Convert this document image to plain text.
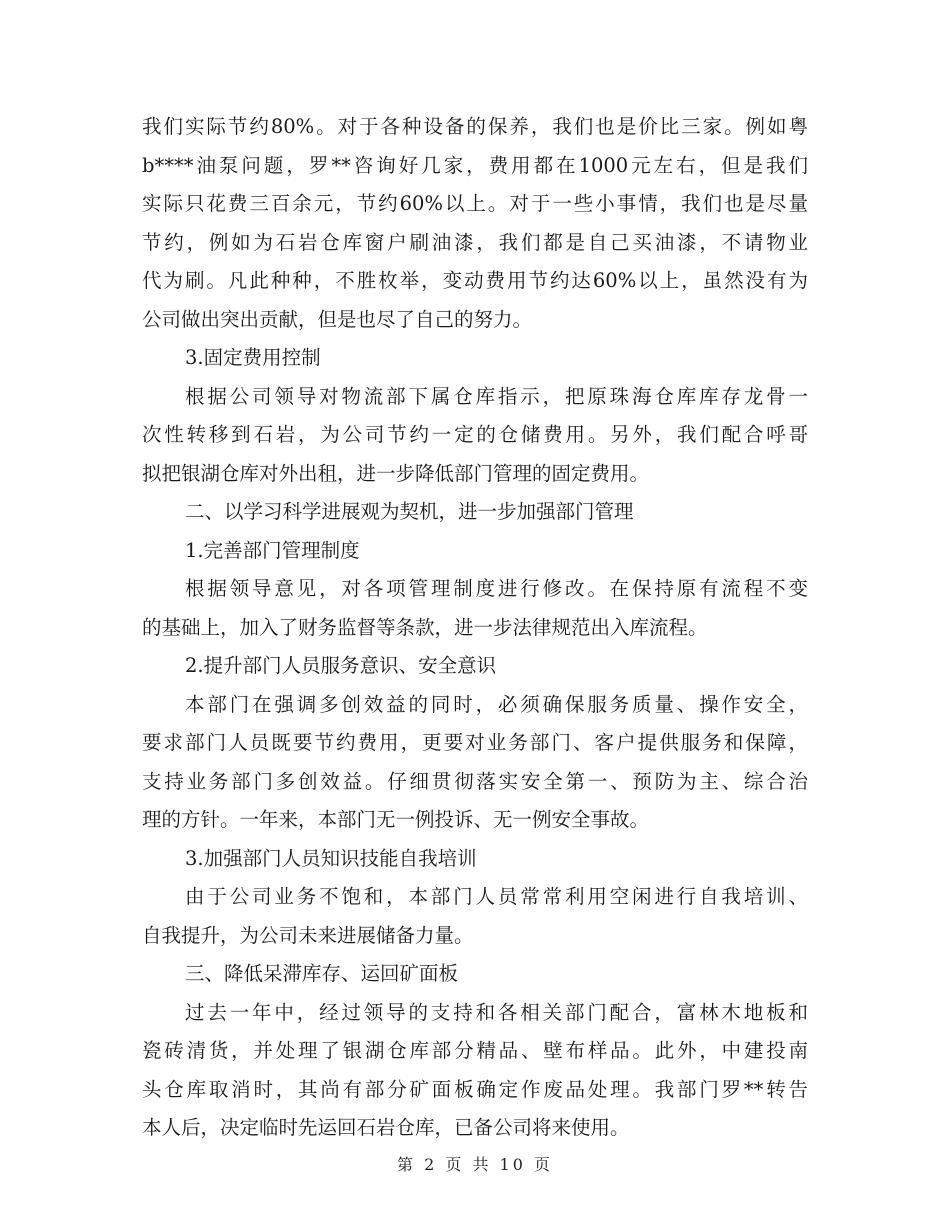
我们实际节约80%。对于各种设备的保养，我们也是价比三家。例如粤
b****油泵问题，罗**咨询好几家，费用都在1000元左右，但是我们
实际只花费三百余元，节约60%以上。对于一些小事情，我们也是尽量
节约，例如为石岩仓库窗户刷油漆，我们都是自己买油漆，不请物业
代为刷。凡此种种，不胜枚举，变动费用节约达60%以上，虽然没有为
公司做出突出贡献，但是也尽了自己的努力。
3.固定费用控制
根据公司领导对物流部下属仓库指示，把原珠海仓库库存龙骨一
次性转移到石岩，为公司节约一定的仓储费用。另外，我们配合呼哥
拟把银湖仓库对外出租，进一步降低部门管理的固定费用。
二、以学习科学进展观为契机，进一步加强部门管理
1.完善部门管理制度
根据领导意见，对各项管理制度进行修改。在保持原有流程不变
的基础上，加入了财务监督等条款，进一步法律规范出入库流程。
2.提升部门人员服务意识、安全意识
本部门在强调多创效益的同时，必须确保服务质量、操作安全，
要求部门人员既要节约费用，更要对业务部门、客户提供服务和保障，
支持业务部门多创效益。仔细贯彻落实安全第一、预防为主、综合治
理的方针。一年来，本部门无一例投诉、无一例安全事故。
3.加强部门人员知识技能自我培训
由于公司业务不饱和，本部门人员常常利用空闲进行自我培训、
自我提升，为公司未来进展储备力量。
三、降低呆滞库存、运回矿面板
过去一年中，经过领导的支持和各相关部门配合，富林木地板和
瓷砖清货，并处理了银湖仓库部分精品、壁布样品。此外，中建投南
头仓库取消时，其尚有部分矿面板确定作废品处理。我部门罗**转告
本人后，决定临时先运回石岩仓库，已备公司将来使用。
第 2 页 共 10 页
